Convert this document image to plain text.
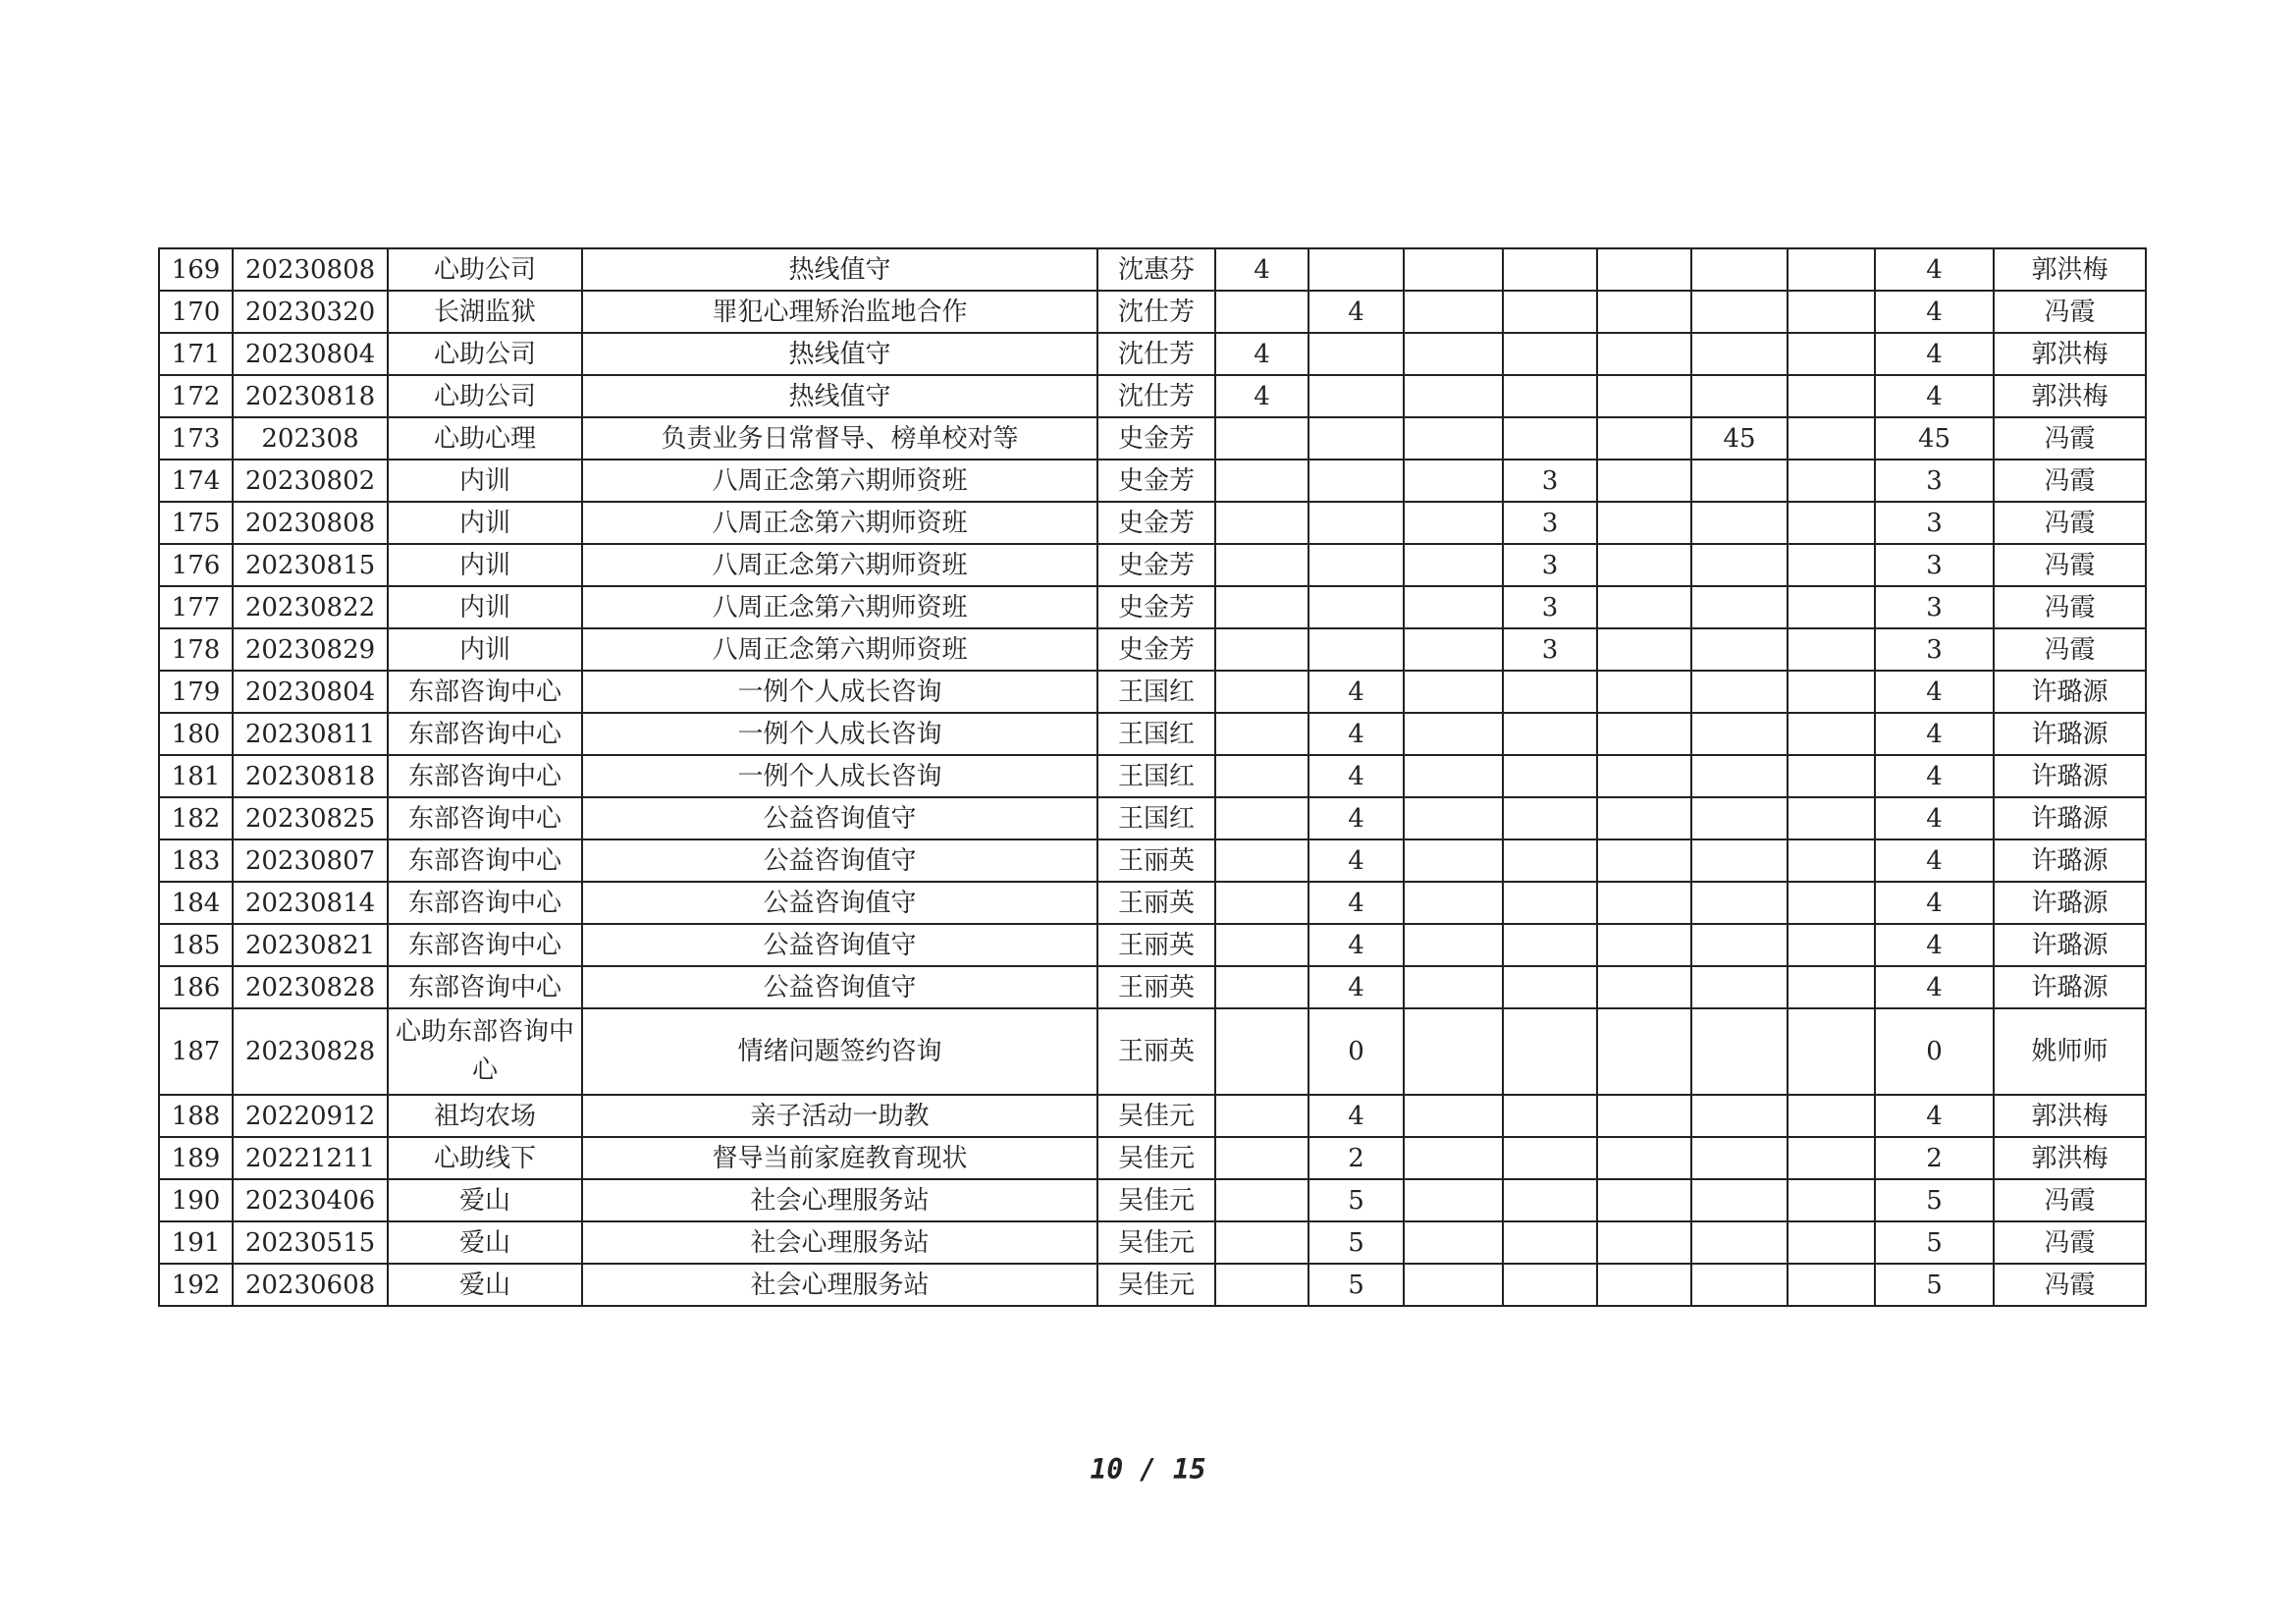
169	20230808	心助公司	热线值守	沈惠芬	4							4	郭洪梅
170	20230320	长湖监狱	罪犯心理矫治监地合作	沈仕芳		4						4	冯霞
171	20230804	心助公司	热线值守	沈仕芳	4							4	郭洪梅
172	20230818	心助公司	热线值守	沈仕芳	4							4	郭洪梅
173	202308	心助心理	负责业务日常督导、榜单校对等	史金芳						45		45	冯霞
174	20230802	内训	八周正念第六期师资班	史金芳				3				3	冯霞
175	20230808	内训	八周正念第六期师资班	史金芳				3				3	冯霞
176	20230815	内训	八周正念第六期师资班	史金芳				3				3	冯霞
177	20230822	内训	八周正念第六期师资班	史金芳				3				3	冯霞
178	20230829	内训	八周正念第六期师资班	史金芳				3				3	冯霞
179	20230804	东部咨询中心	一例个人成长咨询	王国红		4						4	许璐源
180	20230811	东部咨询中心	一例个人成长咨询	王国红		4						4	许璐源
181	20230818	东部咨询中心	一例个人成长咨询	王国红		4						4	许璐源
182	20230825	东部咨询中心	公益咨询值守	王国红		4						4	许璐源
183	20230807	东部咨询中心	公益咨询值守	王丽英		4						4	许璐源
184	20230814	东部咨询中心	公益咨询值守	王丽英		4						4	许璐源
185	20230821	东部咨询中心	公益咨询值守	王丽英		4						4	许璐源
186	20230828	东部咨询中心	公益咨询值守	王丽英		4						4	许璐源
187	20230828	心助东部咨询中心	情绪问题签约咨询	王丽英		0						0	姚师师
188	20220912	祖均农场	亲子活动一助教	吴佳元		4						4	郭洪梅
189	20221211	心助线下	督导当前家庭教育现状	吴佳元		2						2	郭洪梅
190	20230406	爱山	社会心理服务站	吴佳元		5						5	冯霞
191	20230515	爱山	社会心理服务站	吴佳元		5						5	冯霞
192	20230608	爱山	社会心理服务站	吴佳元		5						5	冯霞
10 / 15
